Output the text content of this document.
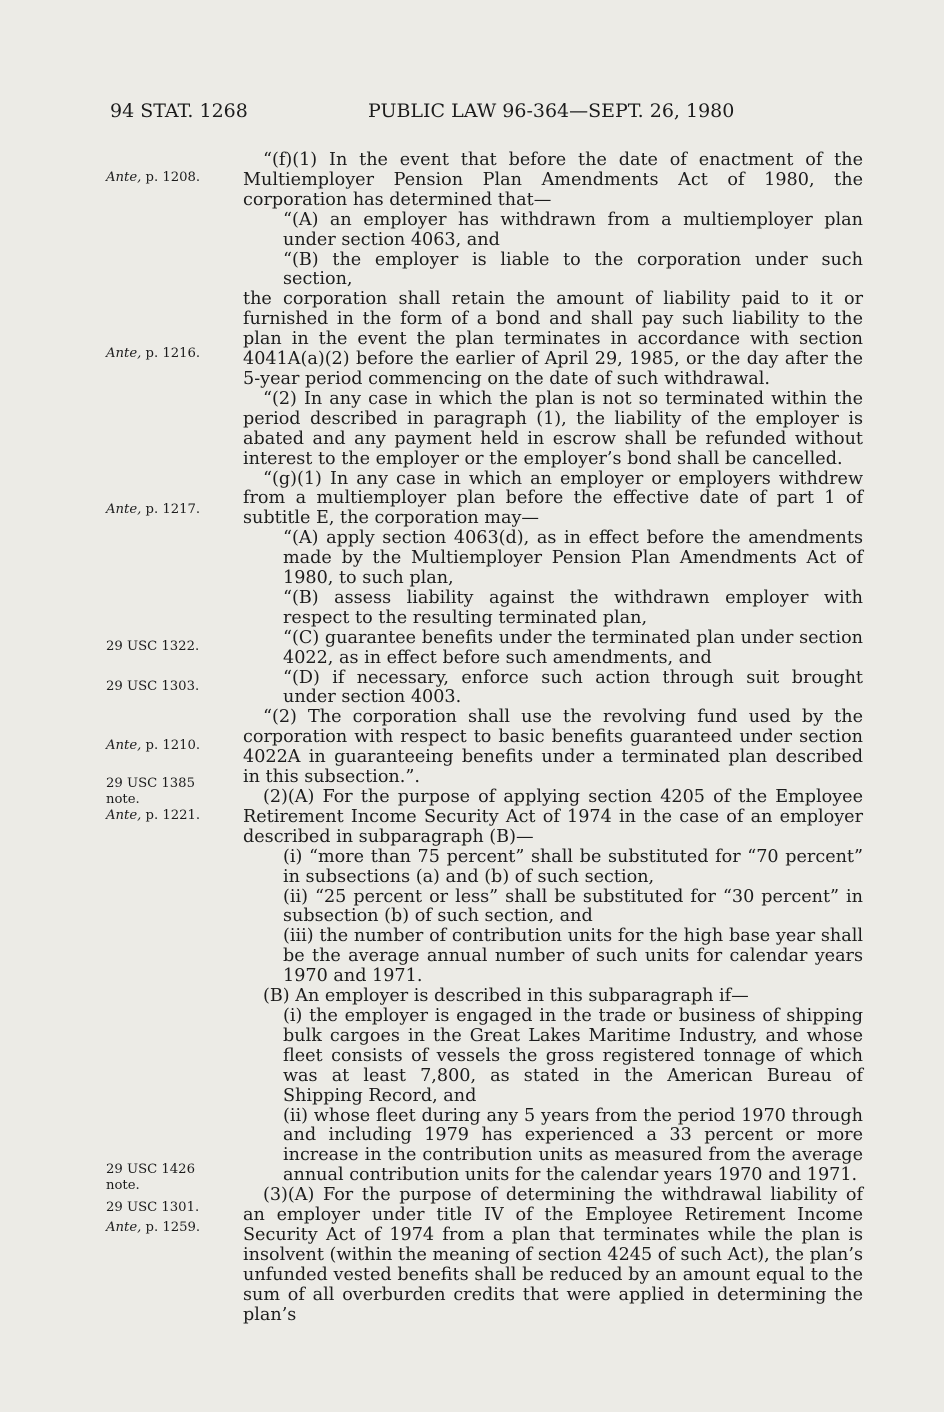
94 STAT. 1268	PUBLIC LAW 96-364—SEPT. 26, 1980
Ante, p. 1208.
Ante, p. 1216.
Ante, p. 1217.
29 USC 1322.
29 USC 1303.
Ante, p. 1210.
29 USC 1385 note.
Ante, p. 1221.
29 USC 1426 note.
29 USC 1301.
Ante, p. 1259.

“(f)(1) In the event that before the date of enactment of the Multiemployer Pension Plan Amendments Act of 1980, the corporation has determined that—

“(A) an employer has withdrawn from a multiemployer plan under section 4063, and

“(B) the employer is liable to the corporation under such section,

the corporation shall retain the amount of liability paid to it or furnished in the form of a bond and shall pay such liability to the plan in the event the plan terminates in accordance with section 4041A(a)(2) before the earlier of April 29, 1985, or the day after the 5-year period commencing on the date of such withdrawal.

“(2) In any case in which the plan is not so terminated within the period described in paragraph (1), the liability of the employer is abated and any payment held in escrow shall be refunded without interest to the employer or the employer’s bond shall be cancelled.

“(g)(1) In any case in which an employer or employers withdrew from a multiemployer plan before the effective date of part 1 of subtitle E, the corporation may—

“(A) apply section 4063(d), as in effect before the amendments made by the Multiemployer Pension Plan Amendments Act of 1980, to such plan,

“(B) assess liability against the withdrawn employer with respect to the resulting terminated plan,

“(C) guarantee benefits under the terminated plan under section 4022, as in effect before such amendments, and

“(D) if necessary, enforce such action through suit brought under section 4003.

“(2) The corporation shall use the revolving fund used by the corporation with respect to basic benefits guaranteed under section 4022A in guaranteeing benefits under a terminated plan described in this subsection.”.

(2)(A) For the purpose of applying section 4205 of the Employee Retirement Income Security Act of 1974 in the case of an employer described in subparagraph (B)—

(i) “more than 75 percent” shall be substituted for “70 percent” in subsections (a) and (b) of such section,

(ii) “25 percent or less” shall be substituted for “30 percent” in subsection (b) of such section, and

(iii) the number of contribution units for the high base year shall be the average annual number of such units for calendar years 1970 and 1971.

(B) An employer is described in this subparagraph if—

(i) the employer is engaged in the trade or business of shipping bulk cargoes in the Great Lakes Maritime Industry, and whose fleet consists of vessels the gross registered tonnage of which was at least 7,800, as stated in the American Bureau of Shipping Record, and

(ii) whose fleet during any 5 years from the period 1970 through and including 1979 has experienced a 33 percent or more increase in the contribution units as measured from the average annual contribution units for the calendar years 1970 and 1971.

(3)(A) For the purpose of determining the withdrawal liability of an employer under title IV of the Employee Retirement Income Security Act of 1974 from a plan that terminates while the plan is insolvent (within the meaning of section 4245 of such Act), the plan’s unfunded vested benefits shall be reduced by an amount equal to the sum of all overburden credits that were applied in determining the plan’s
